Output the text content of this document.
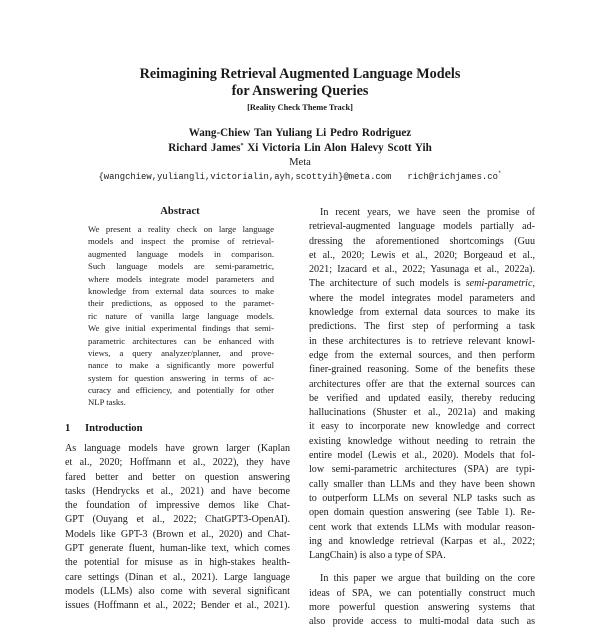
Reimagining Retrieval Augmented Language Models
for Answering Queries
[Reality Check Theme Track]
Wang-Chiew Tan Yuliang Li Pedro Rodriguez
Richard James* Xi Victoria Lin Alon Halevy Scott Yih
Meta
{wangchiew,yuliangli,victorialin,ayh,scottyih}@meta.com rich@richjames.co*
Abstract
We present a reality check on large language
models and inspect the promise of retrieval-
augmented language models in comparison.
Such language models are semi-parametric,
where models integrate model parameters and
knowledge from external data sources to make
their predictions, as opposed to the paramet-
ric nature of vanilla large language models.
We give initial experimental findings that semi-
parametric architectures can be enhanced with
views, a query analyzer/planner, and prove-
nance to make a significantly more powerful
system for question answering in terms of ac-
curacy and efficiency, and potentially for other
NLP tasks.
1 Introduction
As language models have grown larger (Kaplan
et al., 2020; Hoffmann et al., 2022), they have
fared better and better on question answering
tasks (Hendrycks et al., 2021) and have become
the foundation of impressive demos like Chat-
GPT (Ouyang et al., 2022; ChatGPT3-OpenAI).
Models like GPT-3 (Brown et al., 2020) and Chat-
GPT generate fluent, human-like text, which comes
the potential for misuse as in high-stakes health-
care settings (Dinan et al., 2021). Large language
models (LLMs) also come with several significant
issues (Hoffmann et al., 2022; Bender et al., 2021).
In recent years, we have seen the promise of
retrieval-augmented language models partially ad-
dressing the aforementioned shortcomings (Guu
et al., 2020; Lewis et al., 2020; Borgeaud et al.,
2021; Izacard et al., 2022; Yasunaga et al., 2022a).
The architecture of such models is semi-parametric,
where the model integrates model parameters and
knowledge from external data sources to make its
predictions. The first step of performing a task
in these architectures is to retrieve relevant knowl-
edge from the external sources, and then perform
finer-grained reasoning. Some of the benefits these
architectures offer are that the external sources can
be verified and updated easily, thereby reducing
hallucinations (Shuster et al., 2021a) and making
it easy to incorporate new knowledge and correct
existing knowledge without needing to retrain the
entire model (Lewis et al., 2020). Models that fol-
low semi-parametric architectures (SPA) are typi-
cally smaller than LLMs and they have been shown
to outperform LLMs on several NLP tasks such as
open domain question answering (see Table 1). Re-
cent work that extends LLMs with modular reason-
ing and knowledge retrieval (Karpas et al., 2022;
LangChain) is also a type of SPA.
In this paper we argue that building on the core
ideas of SPA, we can potentially construct much
more powerful question answering systems that
also provide access to multi-modal data such as
